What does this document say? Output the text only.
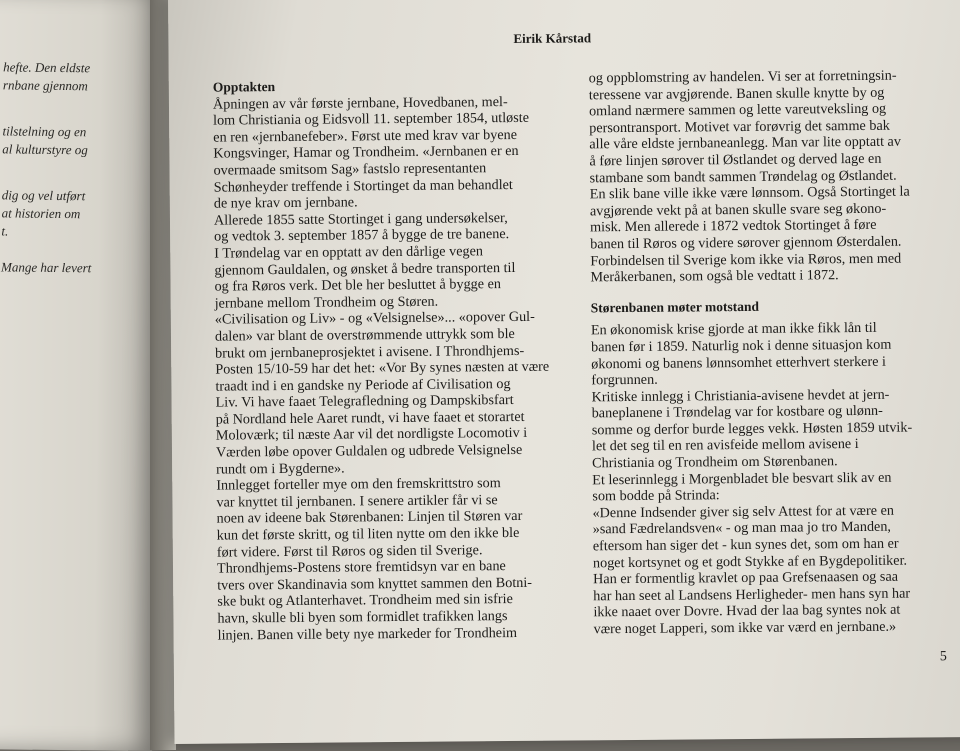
hefte. Den eldste
rnbane gjennom
tilstelning og en
al kulturstyre og
dig og vel utført
at historien om
t.
Mange har levert
Eirik Kårstad

Opptakten

Åpningen av vår første jernbane, Hovedbanen, mel-
lom Christiania og Eidsvoll 11. september 1854, utløste
en ren «jernbanefeber». Først ute med krav var byene
Kongsvinger, Hamar og Trondheim. «Jernbanen er en
overmaade smitsom Sag» fastslo representanten
Schønheyder treffende i Stortinget da man behandlet
de nye krav om jernbane.
Allerede 1855 satte Stortinget i gang undersøkelser,
og vedtok 3. september 1857 å bygge de tre banene.
I Trøndelag var en opptatt av den dårlige vegen
gjennom Gauldalen, og ønsket å bedre transporten til
og fra Røros verk. Det ble her besluttet å bygge en
jernbane mellom Trondheim og Støren.
«Civilisation og Liv» - og «Velsignelse»... «opover Gul-
dalen» var blant de overstrømmende uttrykk som ble
brukt om jernbaneprosjektet i avisene. I Throndhjems-
Posten 15/10-59 har det het: «Vor By synes næsten at være
traadt ind i en gandske ny Periode af Civilisation og
Liv. Vi have faaet Telegrafledning og Dampskibsfart
på Nordland hele Aaret rundt, vi have faaet et storartet
Moloværk; til næste Aar vil det nordligste Locomotiv i
Værden løbe opover Guldalen og udbrede Velsignelse
rundt om i Bygderne».
Innlegget forteller mye om den fremskrittstro som
var knyttet til jernbanen. I senere artikler får vi se
noen av ideene bak Størenbanen: Linjen til Støren var
kun det første skritt, og til liten nytte om den ikke ble
ført videre. Først til Røros og siden til Sverige.
Throndhjems-Postens store fremtidsyn var en bane
tvers over Skandinavia som knyttet sammen den Botni-
ske bukt og Atlanterhavet. Trondheim med sin isfrie
havn, skulle bli byen som formidlet trafikken langs
linjen. Banen ville bety nye markeder for Trondheim
og oppblomstring av handelen. Vi ser at forretningsin-
teressene var avgjørende. Banen skulle knytte by og
omland nærmere sammen og lette vareutveksling og
persontransport. Motivet var forøvrig det samme bak
alle våre eldste jernbaneanlegg. Man var lite opptatt av
å føre linjen sørover til Østlandet og derved lage en
stambane som bandt sammen Trøndelag og Østlandet.
En slik bane ville ikke være lønnsom. Også Stortinget la
avgjørende vekt på at banen skulle svare seg økono-
misk. Men allerede i 1872 vedtok Stortinget å føre
banen til Røros og videre sørover gjennom Østerdalen.
Forbindelsen til Sverige kom ikke via Røros, men med
Meråkerbanen, som også ble vedtatt i 1872.

Størenbanen møter motstand

En økonomisk krise gjorde at man ikke fikk lån til
banen før i 1859. Naturlig nok i denne situasjon kom
økonomi og banens lønnsomhet etterhvert sterkere i
forgrunnen.
Kritiske innlegg i Christiania-avisene hevdet at jern-
baneplanene i Trøndelag var for kostbare og ulønn-
somme og derfor burde legges vekk. Høsten 1859 utvik-
let det seg til en ren avisfeide mellom avisene i
Christiania og Trondheim om Størenbanen.
Et leserinnlegg i Morgenbladet ble besvart slik av en
som bodde på Strinda:
«Denne Indsender giver sig selv Attest for at være en
»sand Fædrelandsven« - og man maa jo tro Manden,
eftersom han siger det - kun synes det, som om han er
noget kortsynet og et godt Stykke af en Bygdepolitiker.
Han er formentlig kravlet op paa Grefsenaasen og saa
har han seet al Landsens Herligheder- men hans syn har
ikke naaet over Dovre. Hvad der laa bag syntes nok at
være noget Lapperi, som ikke var værd en jernbane.»
5
